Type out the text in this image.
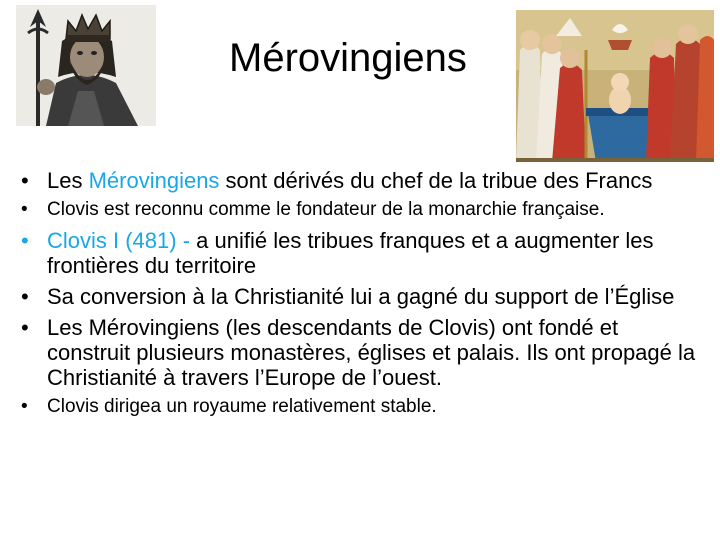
Mérovingiens
• Les Mérovingiens sont dérivés du chef de la tribue des Francs
• Clovis est reconnu comme le fondateur de la monarchie française.
• Clovis I (481) - a unifié les tribues franques et a augmenter les frontières du territoire
• Sa conversion à la Christianité lui a gagné du support de l’Église
• Les Mérovingiens (les descendants de Clovis) ont fondé et construit plusieurs monastères, églises et palais. Ils ont propagé la Christianité à travers l’Europe de l’ouest.
• Clovis dirigea un royaume relativement stable.
